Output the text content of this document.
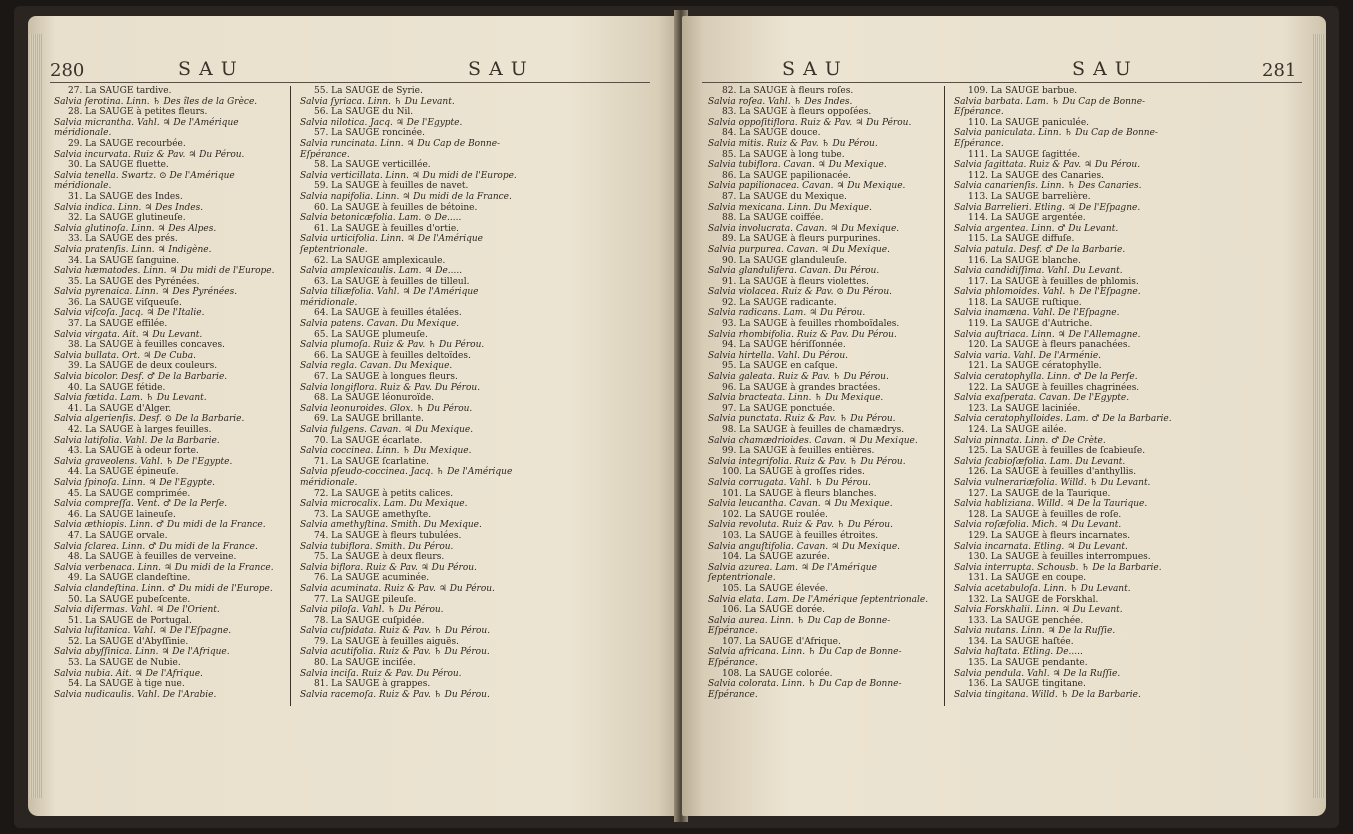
280	SAU	SAU
27. La SAUGE tardive.
Salvia ſerotina. Linn. ♄ Des îles de la Grèce.
28. La SAUGE à petites fleurs.
Salvia micrantha. Vahl. ♃ De l'Amérique méridionale.
29. La SAUGE recourbée.
Salvia incurvata. Ruiz & Pav. ♃ Du Pérou.
30. La SAUGE fluette.
Salvia tenella. Swartz. ⊙ De l'Amérique méridionale.
31. La SAUGE des Indes.
Salvia indica. Linn. ♃ Des Indes.
32. La SAUGE glutineuſe.
Salvia glutinoſa. Linn. ♃ Des Alpes.
33. La SAUGE des prés.
Salvia pratenſis. Linn. ♃ Indigène.
34. La SAUGE ſanguine.
Salvia hæmatodes. Linn. ♃ Du midi de l'Europe.
35. La SAUGE des Pyrénées.
Salvia pyrenaica. Linn. ♃ Des Pyrénées.
36. La SAUGE viſqueuſe.
Salvia viſcoſa. Jacq. ♃ De l'Italie.
37. La SAUGE effilée.
Salvia virgata. Ait. ♃ Du Levant.
38. La SAUGE à feuilles concaves.
Salvia bullata. Ort. ♃ De Cuba.
39. La SAUGE de deux couleurs.
Salvia bicolor. Desf. ♂ De la Barbarie.
40. La SAUGE fétide.
Salvia fœtida. Lam. ♄ Du Levant.
41. La SAUGE d'Alger.
Salvia algerienſis. Desf. ⊙ De la Barbarie.
42. La SAUGE à larges feuilles.
Salvia latifolia. Vahl. De la Barbarie.
43. La SAUGE à odeur forte.
Salvia graveolens. Vahl. ♄ De l'Egypte.
44. La SAUGE épineuſe.
Salvia ſpinoſa. Linn. ♃ De l'Egypte.
45. La SAUGE comprimée.
Salvia compreſſa. Vent. ♂ De la Perſe.
46. La SAUGE laineuſe.
Salvia æthiopis. Linn. ♂ Du midi de la France.
47. La SAUGE orvale.
Salvia ſclarea. Linn. ♂ Du midi de la France.
48. La SAUGE à feuilles de verveine.
Salvia verbenaca. Linn. ♃ Du midi de la France.
49. La SAUGE clandeſtine.
Salvia clandeſtina. Linn. ♂ Du midi de l'Europe.
50. La SAUGE pubeſcente.
Salvia diſermas. Vahl. ♃ De l'Orient.
51. La SAUGE de Portugal.
Salvia luſitanica. Vahl. ♃ De l'Eſpagne.
52. La SAUGE d'Abyſſinie.
Salvia abyſſinica. Linn. ♃ De l'Afrique.
53. La SAUGE de Nubie.
Salvia nubia. Ait. ♃ De l'Afrique.
54. La SAUGE à tige nue.
Salvia nudicaulis. Vahl. De l'Arabie.
55. La SAUGE de Syrie.
Salvia ſyriaca. Linn. ♄ Du Levant.
56. La SAUGE du Nil.
Salvia nilotica. Jacq. ♃ De l'Egypte.
57. La SAUGE roncinée.
Salvia runcinata. Linn. ♃ Du Cap de Bonne-Eſpérance.
58. La SAUGE verticillée.
Salvia verticillata. Linn. ♃ Du midi de l'Europe.
59. La SAUGE à feuilles de navet.
Salvia napifolia. Linn. ♃ Du midi de la France.
60. La SAUGE à feuilles de bétoine.
Salvia betonicæfolia. Lam. ⊙ De.....
61. La SAUGE à feuilles d'ortie.
Salvia urticifolia. Linn. ♃ De l'Amérique ſeptentrionale.
62. La SAUGE amplexicaule.
Salvia amplexicaulis. Lam. ♃ De.....
63. La SAUGE à feuilles de tilleul.
Salvia tiliæfolia. Vahl. ♃ De l'Amérique méridionale.
64. La SAUGE à feuilles étalées.
Salvia patens. Cavan. Du Mexique.
65. La SAUGE plumeuſe.
Salvia plumoſa. Ruiz & Pav. ♄ Du Pérou.
66. La SAUGE à feuilles deltoïdes.
Salvia regla. Cavan. Du Mexique.
67. La SAUGE à longues fleurs.
Salvia longiflora. Ruiz & Pav. Du Pérou.
68. La SAUGE léonuroïde.
Salvia leonuroides. Glox. ♄ Du Pérou.
69. La SAUGE brillante.
Salvia fulgens. Cavan. ♃ Du Mexique.
70. La SAUGE écarlate.
Salvia coccinea. Linn. ♄ Du Mexique.
71. La SAUGE ſcarlatine.
Salvia pſeudo-coccinea. Jacq. ♄ De l'Amérique méridionale.
72. La SAUGE à petits calices.
Salvia microcalix. Lam. Du Mexique.
73. La SAUGE amethyſte.
Salvia amethyſtina. Smith. Du Mexique.
74. La SAUGE à fleurs tubulées.
Salvia tubiflora. Smith. Du Pérou.
75. La SAUGE à deux fleurs.
Salvia biflora. Ruiz & Pav. ♃ Du Pérou.
76. La SAUGE acuminée.
Salvia acuminata. Ruiz & Pav. ♃ Du Pérou.
77. La SAUGE pileuſe.
Salvia piloſa. Vahl. ♄ Du Pérou.
78. La SAUGE cuſpidée.
Salvia cuſpidata. Ruiz & Pav. ♄ Du Pérou.
79. La SAUGE à feuilles aiguës.
Salvia acutifolia. Ruiz & Pav. ♄ Du Pérou.
80. La SAUGE inciſée.
Salvia inciſa. Ruiz & Pav. Du Pérou.
81. La SAUGE à grappes.
Salvia racemoſa. Ruiz & Pav. ♄ Du Pérou.
SAU	SAU	281
82. La SAUGE à fleurs roſes.
Salvia roſea. Vahl. ♄ Des Indes.
83. La SAUGE à fleurs oppoſées.
Salvia oppoſitiflora. Ruiz & Pav. ♃ Du Pérou.
84. La SAUGE douce.
Salvia mitis. Ruiz & Pav. ♄ Du Pérou.
85. La SAUGE à long tube.
Salvia tubiflora. Cavan. ♃ Du Mexique.
86. La SAUGE papilionacée.
Salvia papilionacea. Cavan. ♃ Du Mexique.
87. La SAUGE du Mexique.
Salvia mexicana. Linn. Du Mexique.
88. La SAUGE coiffée.
Salvia involucrata. Cavan. ♃ Du Mexique.
89. La SAUGE à fleurs purpurines.
Salvia purpurea. Cavan. ♃ Du Mexique.
90. La SAUGE glanduleuſe.
Salvia glandulifera. Cavan. Du Pérou.
91. La SAUGE à fleurs violettes.
Salvia violacea. Ruiz & Pav. ⊙ Du Pérou.
92. La SAUGE radicante.
Salvia radicans. Lam. ♃ Du Pérou.
93. La SAUGE à feuilles rhomboïdales.
Salvia rhombifolia. Ruiz & Pav. Du Pérou.
94. La SAUGE hériſſonnée.
Salvia hirtella. Vahl. Du Pérou.
95. La SAUGE en caſque.
Salvia galeata. Ruiz & Pav. ♄ Du Pérou.
96. La SAUGE à grandes bractées.
Salvia bracteata. Linn. ♄ Du Mexique.
97. La SAUGE ponctuée.
Salvia punctata. Ruiz & Pav. ♄ Du Pérou.
98. La SAUGE à feuilles de chamædrys.
Salvia chamædrioides. Cavan. ♃ Du Mexique.
99. La SAUGE à feuilles entières.
Salvia integrifolia. Ruiz & Pav. ♄ Du Pérou.
100. La SAUGE à groſſes rides.
Salvia corrugata. Vahl. ♄ Du Pérou.
101. La SAUGE à fleurs blanches.
Salvia leucantha. Cavan. ♃ Du Mexique.
102. La SAUGE roulée.
Salvia revoluta. Ruiz & Pav. ♄ Du Pérou.
103. La SAUGE à feuilles étroites.
Salvia anguſtifolia. Cavan. ♃ Du Mexique.
104. La SAUGE azurée.
Salvia azurea. Lam. ♃ De l'Amérique ſeptentrionale.
105. La SAUGE élevée.
Salvia elata. Lam. De l'Amérique ſeptentrionale.
106. La SAUGE dorée.
Salvia aurea. Linn. ♄ Du Cap de Bonne-Eſpérance.
107. La SAUGE d'Afrique.
Salvia africana. Linn. ♄ Du Cap de Bonne-Eſpérance.
108. La SAUGE colorée.
Salvia colorata. Linn. ♄ Du Cap de Bonne-Eſpérance.
109. La SAUGE barbue.
Salvia barbata. Lam. ♄ Du Cap de Bonne-Eſpérance.
110. La SAUGE paniculée.
Salvia paniculata. Linn. ♄ Du Cap de Bonne-Eſpérance.
111. La SAUGE ſagittée.
Salvia ſagittata. Ruiz & Pav. ♃ Du Pérou.
112. La SAUGE des Canaries.
Salvia canarienſis. Linn. ♄ Des Canaries.
113. La SAUGE barrelière.
Salvia Barrelieri. Etling. ♃ De l'Eſpagne.
114. La SAUGE argentée.
Salvia argentea. Linn. ♂ Du Levant.
115. La SAUGE diffuſe.
Salvia patula. Desf. ♂ De la Barbarie.
116. La SAUGE blanche.
Salvia candidiſſima. Vahl. Du Levant.
117. La SAUGE à feuilles de phlomis.
Salvia phlomoides. Vahl. ♄ De l'Eſpagne.
118. La SAUGE ruſtique.
Salvia inamæna. Vahl. De l'Eſpagne.
119. La SAUGE d'Autriche.
Salvia auſtriaca. Linn. ♃ De l'Allemagne.
120. La SAUGE à fleurs panachées.
Salvia varia. Vahl. De l'Arménie.
121. La SAUGE cératophylle.
Salvia ceratophylla. Linn. ♂ De la Perſe.
122. La SAUGE à feuilles chagrinées.
Salvia exaſperata. Cavan. De l'Egypte.
123. La SAUGE laciniée.
Salvia ceratophylloides. Lam. ♂ De la Barbarie.
124. La SAUGE ailée.
Salvia pinnata. Linn. ♂ De Crète.
125. La SAUGE à feuilles de ſcabieuſe.
Salvia ſcabioſæfolia. Lam. Du Levant.
126. La SAUGE à feuilles d'anthyllis.
Salvia vulnerariæfolia. Willd. ♄ Du Levant.
127. La SAUGE de la Taurique.
Salvia habliziana. Willd. ♃ De la Taurique.
128. La SAUGE à feuilles de roſe.
Salvia roſæfolia. Mich. ♃ Du Levant.
129. La SAUGE à fleurs incarnates.
Salvia incarnata. Etling. ♃ Du Levant.
130. La SAUGE à feuilles interrompues.
Salvia interrupta. Schousb. ♄ De la Barbarie.
131. La SAUGE en coupe.
Salvia acetabuloſa. Linn. ♄ Du Levant.
132. La SAUGE de Forskhal.
Salvia Forskhalii. Linn. ♃ Du Levant.
133. La SAUGE penchée.
Salvia nutans. Linn. ♃ De la Ruſſie.
134. La SAUGE haſtée.
Salvia haſtata. Etling. De.....
135. La SAUGE pendante.
Salvia pendula. Vahl. ♃ De la Ruſſie.
136. La SAUGE tingitane.
Salvia tingitana. Willd. ♄ De la Barbarie.
